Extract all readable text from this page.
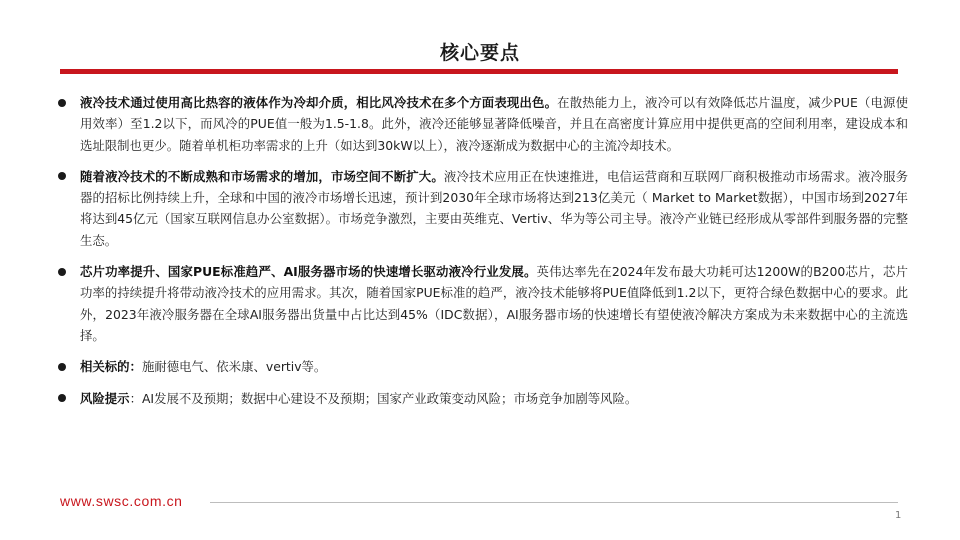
核心要点
液冷技术通过使用高比热容的液体作为冷却介质，相比风冷技术在多个方面表现出色。在散热能力上，液冷可以有效降低芯片温度，减少PUE（电源使用效率）至1.2以下，而风冷的PUE值一般为1.5-1.8。此外，液冷还能够显著降低噪音，并且在高密度计算应用中提供更高的空间利用率，建设成本和选址限制也更少。随着单机柜功率需求的上升（如达到30kW以上），液冷逐渐成为数据中心的主流冷却技术。
随着液冷技术的不断成熟和市场需求的增加，市场空间不断扩大。液冷技术应用正在快速推进，电信运营商和互联网厂商积极推动市场需求。液冷服务器的招标比例持续上升，全球和中国的液冷市场增长迅速，预计到2030年全球市场将达到213亿美元（ Market to Market数据），中国市场到2027年将达到45亿元（国家互联网信息办公室数据）。市场竞争激烈，主要由英维克、Vertiv、华为等公司主导。液冷产业链已经形成从零部件到服务器的完整生态。
芯片功率提升、国家PUE标准趋严、AI服务器市场的快速增长驱动液冷行业发展。英伟达率先在2024年发布最大功耗可达1200W的B200芯片，芯片功率的持续提升将带动液冷技术的应用需求。其次，随着国家PUE标准的趋严，液冷技术能够将PUE值降低到1.2以下，更符合绿色数据中心的要求。此外，2023年液冷服务器在全球AI服务器出货量中占比达到45%（IDC数据），AI服务器市场的快速增长有望使液冷解决方案成为未来数据中心的主流选择。
相关标的：施耐德电气、依米康、vertiv等。
风险提示：AI发展不及预期；数据中心建设不及预期；国家产业政策变动风险；市场竞争加剧等风险。
www.swsc.com.cn
1
